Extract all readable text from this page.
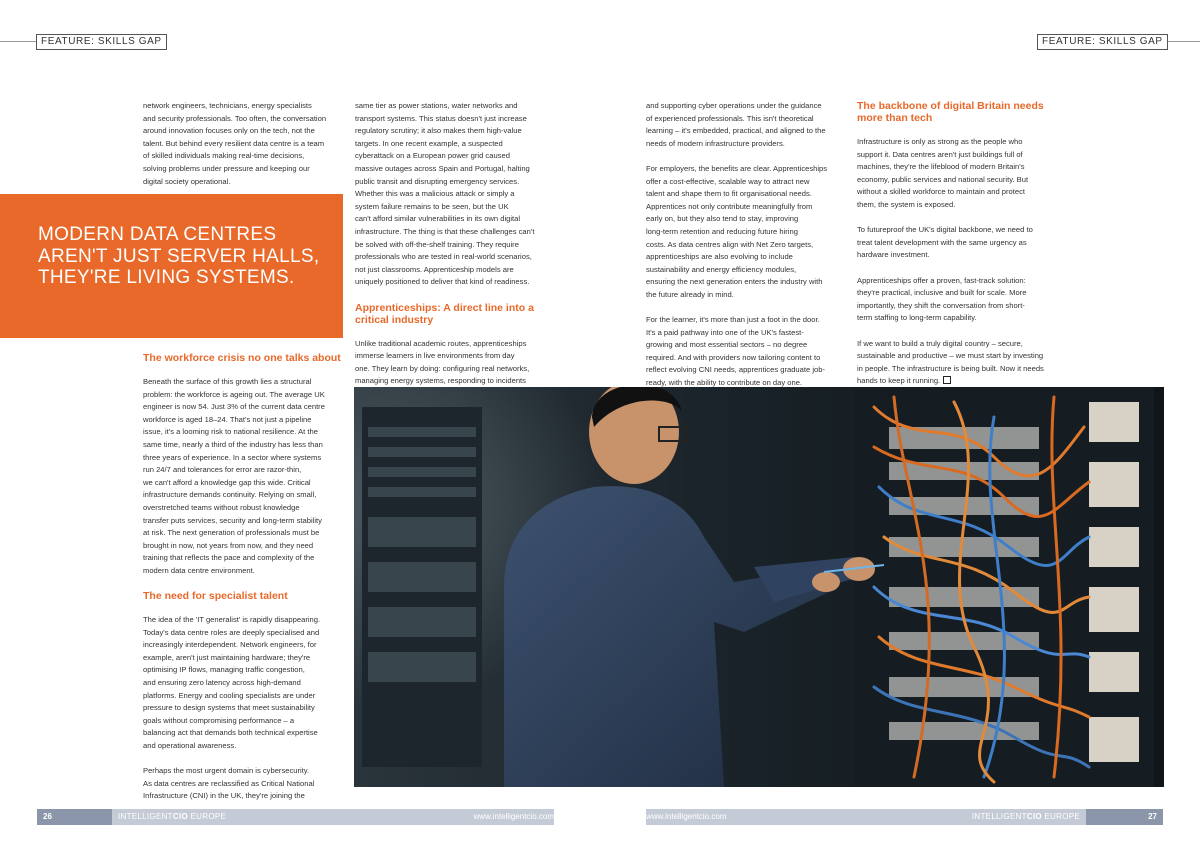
FEATURE: SKILLS GAP	FEATURE: SKILLS GAP

network engineers, technicians, energy specialists
and security professionals. Too often, the conversation
around innovation focuses only on the tech, not the
talent. But behind every resilient data centre is a team
of skilled individuals making real-time decisions,
solving problems under pressure and keeping our
digital society operational.

MODERN DATA CENTRES AREN'T JUST SERVER HALLS, THEY'RE LIVING SYSTEMS.
The workforce crisis no one talks about

Beneath the surface of this growth lies a structural
problem: the workforce is ageing out. The average UK
engineer is now 54. Just 3% of the current data centre
workforce is aged 18–24. That's not just a pipeline
issue, it's a looming risk to national resilience. At the
same time, nearly a third of the industry has less than
three years of experience. In a sector where systems
run 24/7 and tolerances for error are razor-thin,
we can't afford a knowledge gap this wide. Critical
infrastructure demands continuity. Relying on small,
overstretched teams without robust knowledge
transfer puts services, security and long-term stability
at risk. The next generation of professionals must be
brought in now, not years from now, and they need
training that reflects the pace and complexity of the
modern data centre environment.

The need for specialist talent

The idea of the 'IT generalist' is rapidly disappearing.
Today's data centre roles are deeply specialised and
increasingly interdependent. Network engineers, for
example, aren't just maintaining hardware; they're
optimising IP flows, managing traffic congestion,
and ensuring zero latency across high-demand
platforms. Energy and cooling specialists are under
pressure to design systems that meet sustainability
goals without compromising performance – a
balancing act that demands both technical expertise
and operational awareness.

Perhaps the most urgent domain is cybersecurity.
As data centres are reclassified as Critical National
Infrastructure (CNI) in the UK, they're joining the

same tier as power stations, water networks and
transport systems. This status doesn't just increase
regulatory scrutiny; it also makes them high-value
targets. In one recent example, a suspected
cyberattack on a European power grid caused
massive outages across Spain and Portugal, halting
public transit and disrupting emergency services.
Whether this was a malicious attack or simply a
system failure remains to be seen, but the UK
can't afford similar vulnerabilities in its own digital
infrastructure. The thing is that these challenges can't
be solved with off-the-shelf training. They require
professionals who are tested in real-world scenarios,
not just classrooms. Apprenticeship models are
uniquely positioned to deliver that kind of readiness.

Apprenticeships: A direct line into a
critical industry

Unlike traditional academic routes, apprenticeships
immerse learners in live environments from day
one. They learn by doing: configuring real networks,
managing energy systems, responding to incidents

and supporting cyber operations under the guidance
of experienced professionals. This isn't theoretical
learning – it's embedded, practical, and aligned to the
needs of modern infrastructure providers.

For employers, the benefits are clear. Apprenticeships
offer a cost-effective, scalable way to attract new
talent and shape them to fit organisational needs.
Apprentices not only contribute meaningfully from
early on, but they also tend to stay, improving
long-term retention and reducing future hiring
costs. As data centres align with Net Zero targets,
apprenticeships are also evolving to include
sustainability and energy efficiency modules,
ensuring the next generation enters the industry with
the future already in mind.

For the learner, it's more than just a foot in the door.
It's a paid pathway into one of the UK's fastest-
growing and most essential sectors – no degree
required. And with providers now tailoring content to
reflect evolving CNI needs, apprentices graduate job-
ready, with the ability to contribute on day one.

The backbone of digital Britain needs
more than tech

Infrastructure is only as strong as the people who
support it. Data centres aren't just buildings full of
machines, they're the lifeblood of modern Britain's
economy, public services and national security. But
without a skilled workforce to maintain and protect
them, the system is exposed.

To futureproof the UK's digital backbone, we need to
treat talent development with the same urgency as
hardware investment.

Apprenticeships offer a proven, fast-track solution:
they're practical, inclusive and built for scale. More
importantly, they shift the conversation from short-
term staffing to long-term capability.

If we want to build a truly digital country – secure,
sustainable and productive – we must start by investing
in people. The infrastructure is being built. Now it needs
hands to keep it running.

INTELLIGENTCIO EUROPE	www.intelligentcio.com
26	www.intelligentcio.com	INTELLIGENTCIO EUROPE	27
